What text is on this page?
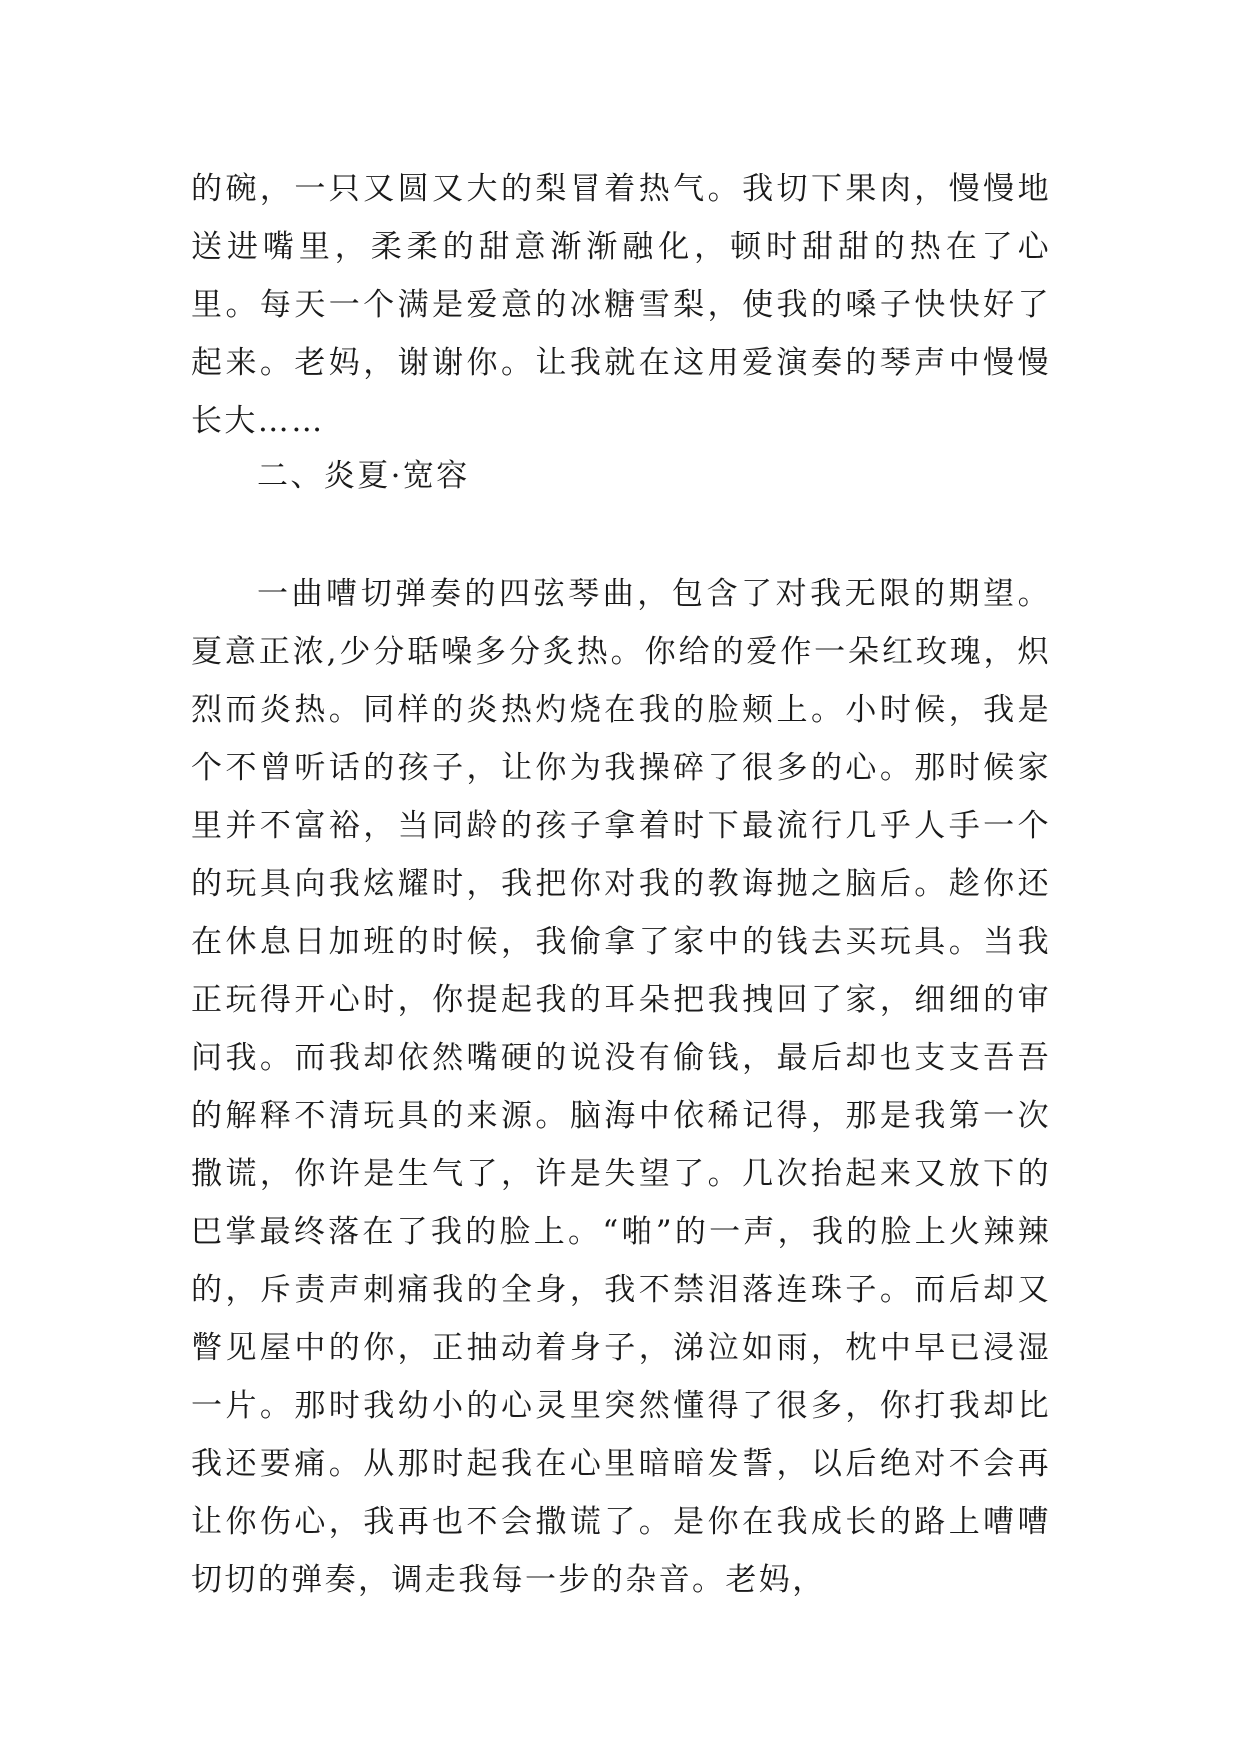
的碗，一只又圆又大的梨冒着热气。我切下果肉，慢慢地送进嘴里，柔柔的甜意渐渐融化，顿时甜甜的热在了心里。每天一个满是爱意的冰糖雪梨，使我的嗓子快快好了起来。老妈，谢谢你。让我就在这用爱演奏的琴声中慢慢长大……

二、炎夏·宽容

一曲嘈切弹奏的四弦琴曲，包含了对我无限的期望。夏意正浓,少分聒噪多分炙热。你给的爱作一朵红玫瑰，炽烈而炎热。同样的炎热灼烧在我的脸颊上。小时候，我是个不曾听话的孩子，让你为我操碎了很多的心。那时候家里并不富裕，当同龄的孩子拿着时下最流行几乎人手一个的玩具向我炫耀时，我把你对我的教诲抛之脑后。趁你还在休息日加班的时候，我偷拿了家中的钱去买玩具。当我正玩得开心时，你提起我的耳朵把我拽回了家，细细的审问我。而我却依然嘴硬的说没有偷钱，最后却也支支吾吾的解释不清玩具的来源。脑海中依稀记得，那是我第一次撒谎，你许是生气了，许是失望了。几次抬起来又放下的巴掌最终落在了我的脸上。“啪”的一声，我的脸上火辣辣的，斥责声刺痛我的全身，我不禁泪落连珠子。而后却又瞥见屋中的你，正抽动着身子，涕泣如雨，枕中早已浸湿一片。那时我幼小的心灵里突然懂得了很多，你打我却比我还要痛。从那时起我在心里暗暗发誓，以后绝对不会再让你伤心，我再也不会撒谎了。是你在我成长的路上嘈嘈切切的弹奏，调走我每一步的杂音。老妈，
